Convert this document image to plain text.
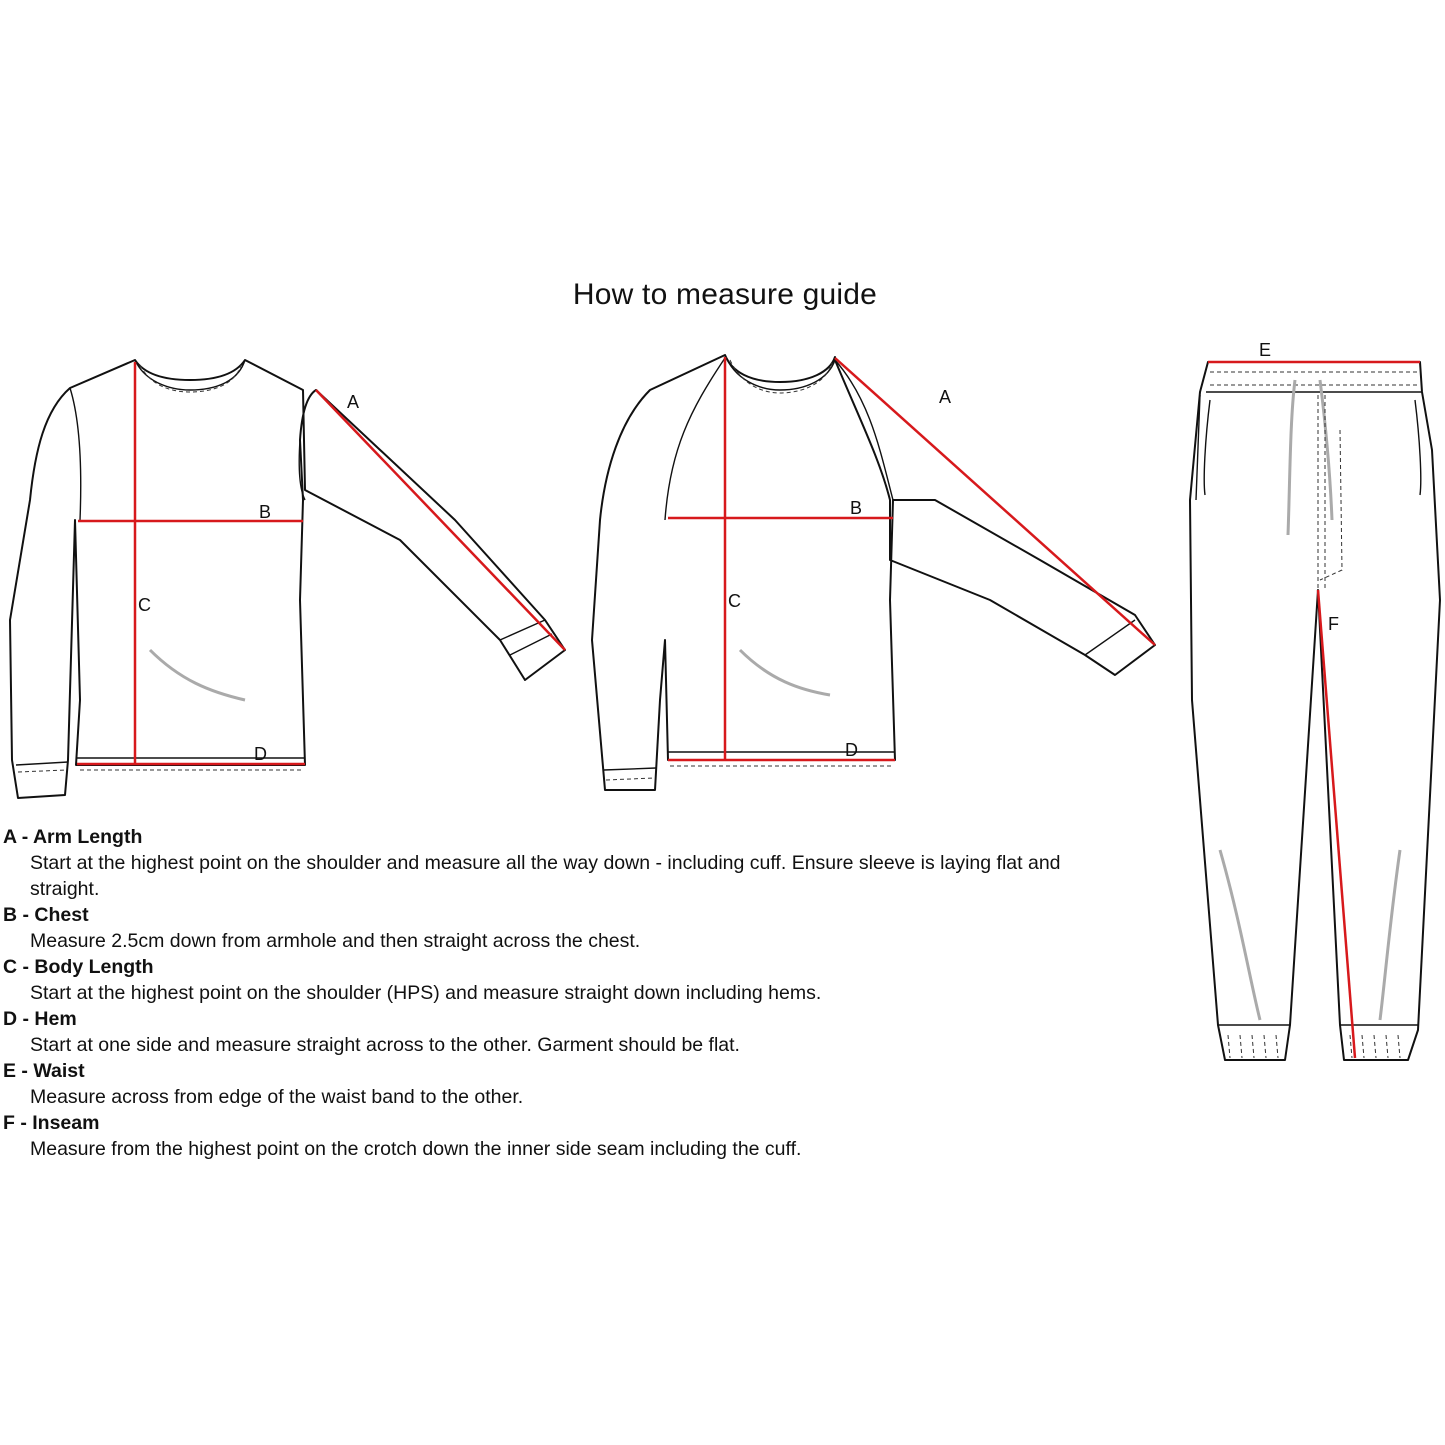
How to measure guide
A
B
C
D
A
B
C
D
E
F
A - Arm Length
Start at the highest point on the shoulder and measure all the way down - including cuff. Ensure sleeve is laying flat and straight.
B - Chest
Measure 2.5cm down from armhole and then straight across the chest.
C - Body Length
Start at the highest point on the shoulder (HPS) and measure straight down including hems.
D - Hem
Start at one side and measure straight across to the other. Garment should be flat.
E - Waist
Measure across from edge of the waist band to the other.
F - Inseam
Measure from the highest point on the crotch down the inner side seam including the cuff.
